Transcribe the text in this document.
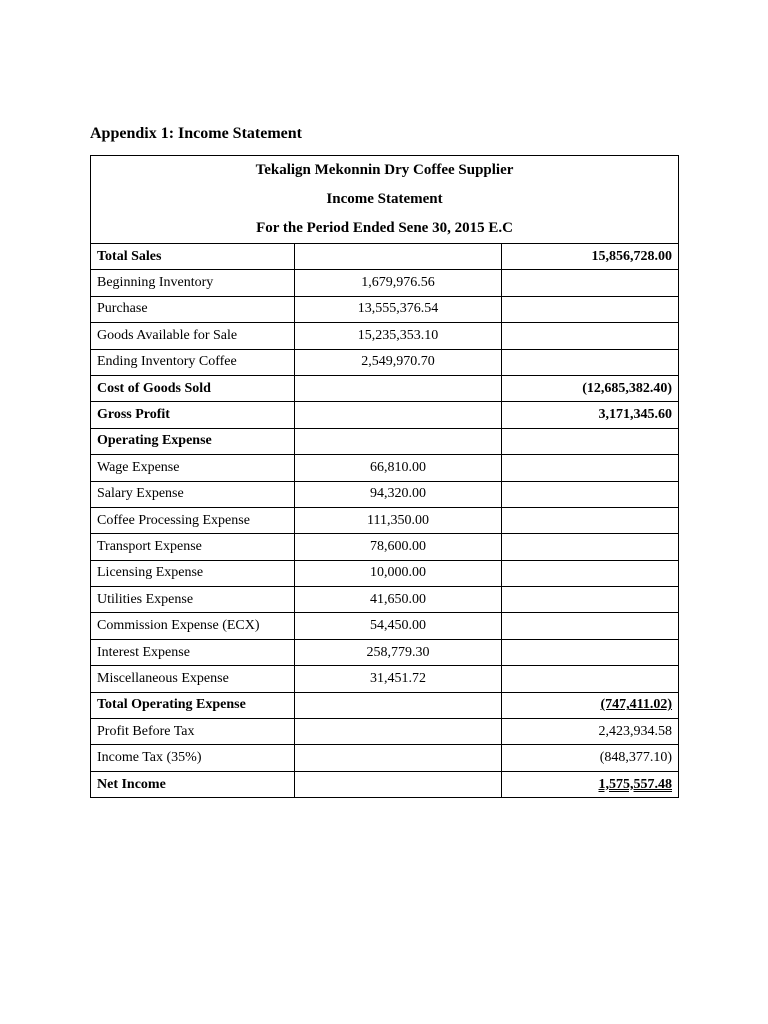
Appendix 1: Income Statement
Tekalign Mekonnin Dry Coffee Supplier
Income Statement
For the Period Ended Sene 30, 2015 E.C		

Total Sales		15,856,728.00
Beginning Inventory	1,679,976.56	
Purchase	13,555,376.54	
Goods Available for Sale	15,235,353.10	
Ending Inventory Coffee	2,549,970.70	
Cost of Goods Sold		(12,685,382.40)
Gross Profit		3,171,345.60
Operating Expense		
Wage Expense	66,810.00	
Salary Expense	94,320.00	
Coffee Processing Expense	111,350.00	
Transport Expense	78,600.00	
Licensing Expense	10,000.00	
Utilities Expense	41,650.00	
Commission Expense (ECX)	54,450.00	
Interest Expense	258,779.30	
Miscellaneous Expense	31,451.72	
Total Operating Expense		(747,411.02)
Profit Before Tax		2,423,934.58
Income Tax (35%)		(848,377.10)
Net Income		1,575,557.48
